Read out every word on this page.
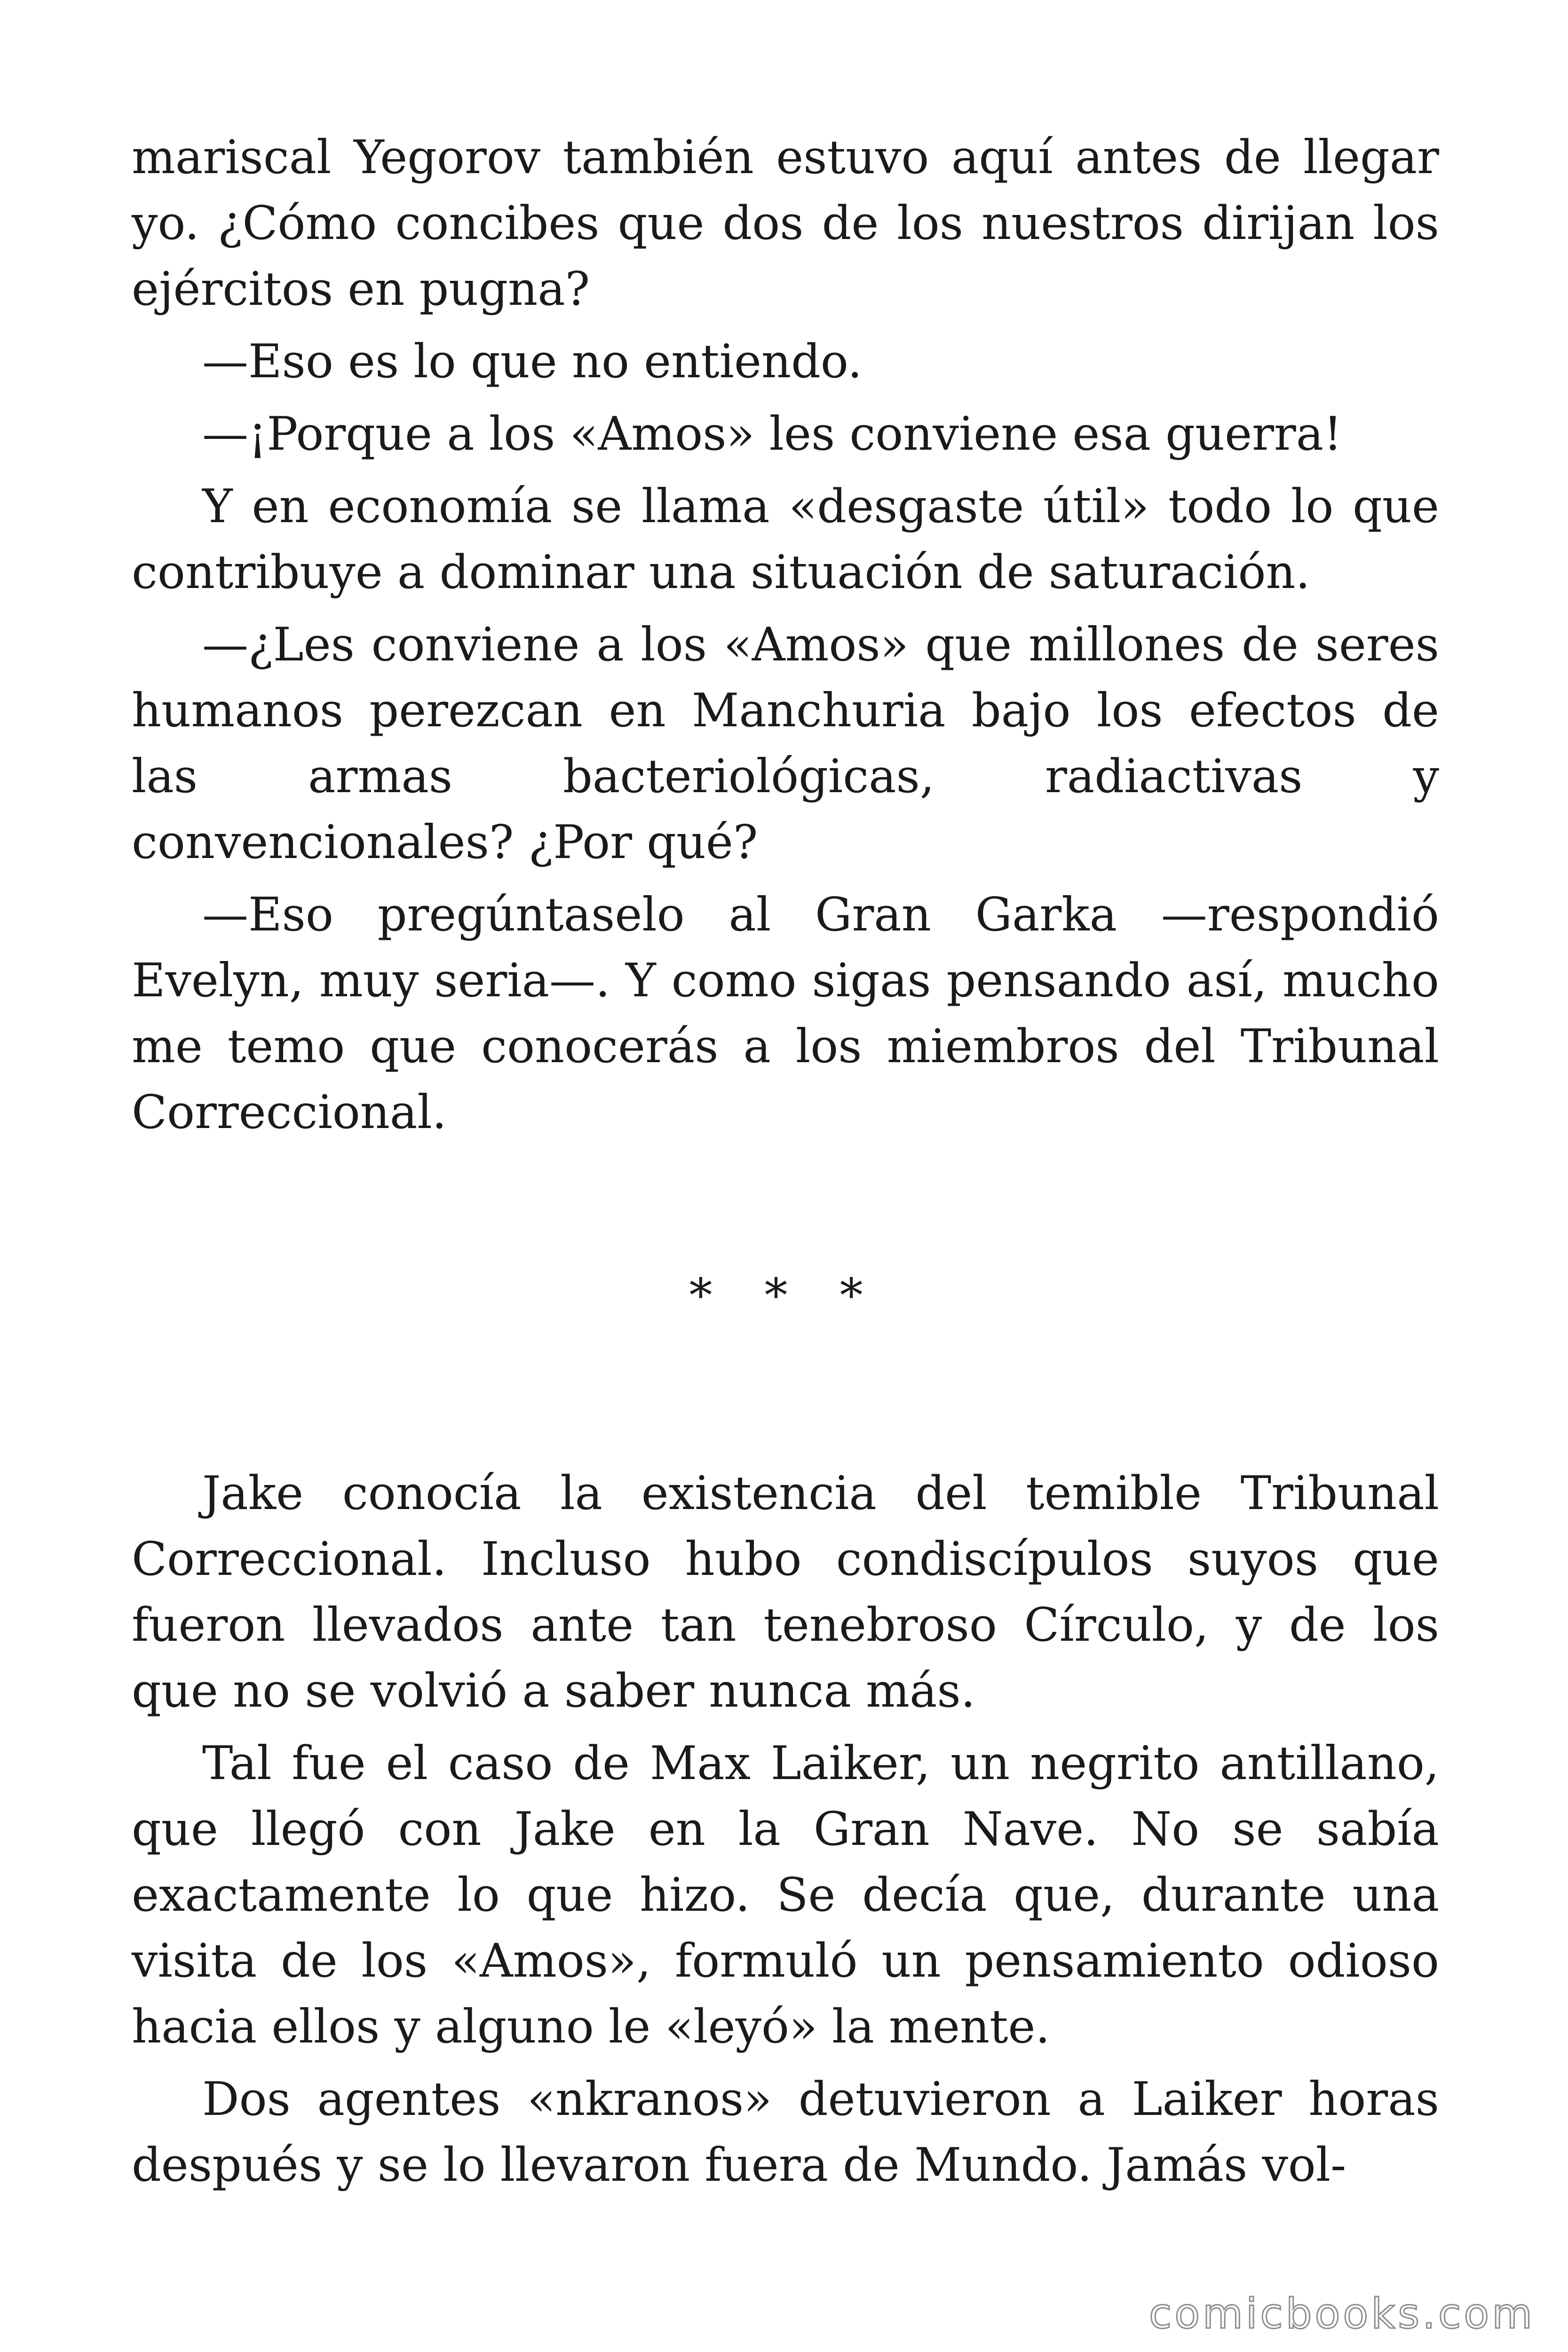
mariscal Yegorov también estuvo aquí antes de llegar yo. ¿Cómo concibes que dos de los nuestros dirijan los ejércitos en pugna?

—Eso es lo que no entiendo.

—¡Porque a los «Amos» les conviene esa guerra!

Y en economía se llama «desgaste útil» todo lo que contribuye a dominar una situación de saturación.

—¿Les conviene a los «Amos» que millones de seres humanos perezcan en Manchuria bajo los efectos de las armas bacteriológicas, radiactivas y convencionales? ¿Por qué?

—Eso pregúntaselo al Gran Garka —respondió Evelyn, muy seria—. Y como sigas pensando así, mucho me temo que conocerás a los miembros del Tribunal Correccional.

* * *

Jake conocía la existencia del temible Tribunal Correccional. Incluso hubo condiscípulos suyos que fueron llevados ante tan tenebroso Círculo, y de los que no se volvió a saber nunca más.

Tal fue el caso de Max Laiker, un negrito antillano, que llegó con Jake en la Gran Nave. No se sabía exactamente lo que hizo. Se decía que, durante una visita de los «Amos», formuló un pensamiento odioso hacia ellos y alguno le «leyó» la mente.

Dos agentes «nkranos» detuvieron a Laiker horas después y se lo llevaron fuera de Mundo. Jamás vol-

comicbooks.com
